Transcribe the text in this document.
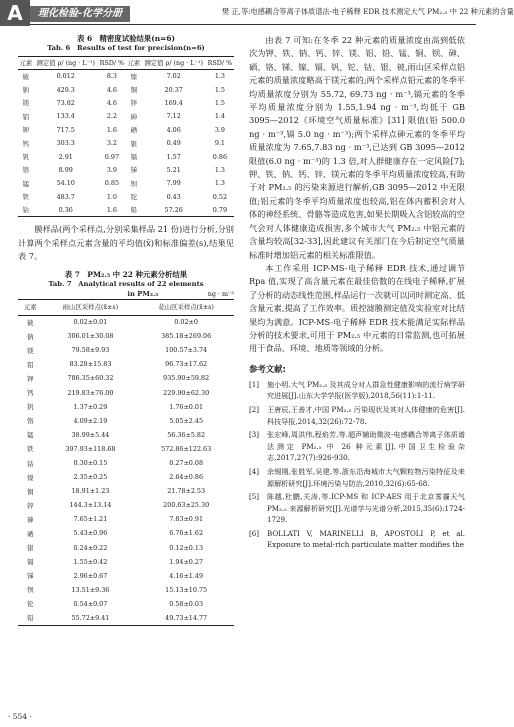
A	理化检验-化学分册	樊 正,等:电感耦合等离子体质谱法-电子稀释 EDR 技术测定大气 PM₂.₅ 中 22 种元素的含量
表 6　精密度试验结果(n=6)
Tab. 6　Results of test for precision(n=6)
元素	测定值 ρ/ (ng · L⁻¹)	RSD/ %	元素	测定值 ρ/ (ng · L⁻¹)	RSD/ %
铍	0.012	8.3	镍	7.02	1.3
钠	429.3	4.6	铜	20.37	1.5
镁	73.82	4.6	锌	169.4	1.5
铝	133.4	2.2	砷	7.12	1.4
钾	717.5	1.6	硒	4.06	3.9
钙	303.3	3.2	银	0.49	9.1
钒	2.91	0.97	镉	1.57	0.86
铬	8.99	3.9	锑	5.21	1.3
锰	54.10	0.85	钡	7.99	1.3
铁	483.7	1.0	铊	0.43	0.52
钴	0.36	1.6	铅	57.26	0.79
膜样品(两个采样点,分别采集样品 21 份)进行分析,分别计算两个采样点元素含量的平均值(x̄)和标准偏差(s),结果见表 7。
表 7　PM₂.₅ 中 22 种元素分析结果
Tab. 7　Analytical results of 22 elements
in PM₂.₅	ng · m⁻³
元素	雨山区采样点(x̄±s)	花山区采样点(x̄±s)
铍	0.02±0.01	0.02±0
钠	306.01±30.08	385.18±269.06
镁	79.58±9.93	100.57±3.74
铝	83.28±15.83	96.73±17.62
钾	786.35±60.32	935.90±59.82
钙	219.83±76.00	229.90±62.30
钒	1.37±0.29	1.76±0.01
铬	4.09±2.19	5.05±2.45
锰	38.99±5.44	56.36±5.82
铁	397.93±118.68	572.86±122.63
钴	0.30±0.15	0.27±0.08
镍	2.35±0.25	2.64±0.86
铜	18.91±1.23	21.78±2.53
锌	144.3±13.14	200.63±25.30
砷	7.65±1.21	7.83±0.91
硒	5.43±0.96	6.76±1.62
银	0.24±0.22	0.12±0.13
镉	1.55±0.42	1.94±0.27
锑	2.96±0.67	4.16±1.49
钡	13.51±9.36	15.13±10.75
铊	0.54±0.07	0.58±0.03
铅	55.72±9.41	49.73±14.77
由表 7 可知:在冬季 22 种元素的质量浓度由高到低依次为钾、铁、钠、钙、锌、镁、铝、铅、锰、铜、钡、砷、硒、铬、锑、镍、镉、钒、铊、钴、银、铍,雨山区采样点铝元素的质量浓度略高于镁元素的;两个采样点铅元素的冬季平均质量浓度分别为 55.72, 69.73 ng · m⁻³,镉元素的冬季平均质量浓度分别为 1.55,1.94 ng · m⁻³,均低于 GB 3095—2012《环境空气质量标准》[31] 限值(铅 500.0 ng · m⁻³,镉 5.0 ng · m⁻³);两个采样点砷元素的冬季平均质量浓度为 7.65,7.83 ng · m⁻³,已达到 GB 3095—2012 限值(6.0 ng · m⁻³)的 1.3 倍,对人群健康存在一定风险[7];钾、铁、钠、钙、锌、镁元素的冬季平均质量浓度较高,有助于对 PM₂.₅ 的污染来源进行解析,GB 3095—2012 中无限值;铝元素的冬季平均质量浓度也较高,铝在体内蓄积会对人体的神经系统、骨骼等造成危害,如果长期吸入含铝较高的空气会对人体健康造成损害,多个城市大气 PM₂.₅ 中铝元素的含量均较高[32-33],因此建议有关部门在今后制定空气质量标准时增加铝元素的相关标准限值。
本工作采用 ICP-MS-电子稀释 EDR 技术,通过调节 Rpa 值,实现了高含量元素在最佳倍数的在线电子稀释,扩展了分析的动态线性范围,样品运行一次就可以同时测定高、低含量元素,提高了工作效率。质控滤膜测定值及实验室对比结果均为满意。ICP-MS-电子稀释 EDR 技术能满足实际样品分析的技术要求,可用于 PM₂.₅ 中元素的日常监测,也可拓展用于食品、环境、地质等领域的分析。
参考文献:
[1]	施小明.大气 PM₂.₅ 及其成分对人群急性健康影响的流行病学研究进展[J].山东大学学报(医学版),2018,56(11):1-11.
[2]	王唐辰,王善才,中国 PM₂.₅ 污染现状及其对人体健康的危害[J].科技导报,2014,32(26):72-78.
[3]	张宏峰,周洪伟,程焰芳,等.超声辅助微波-电感耦合等离子体质谱法测定 PM₂.₅ 中 26 种元素[J].中国卫生检验杂志,2017,27(7):926-930.
[4]	余锡刚,张胜军,吴建,等.浙东沿海城市大气颗粒物污染特征及来源解析研究[J].环境污染与防治,2010,32(6):65-68.
[5]	陈越,杜鹏,关涛,等.ICP-MS 和 ICP-AES 用于北京雾霾天气 PM₂.₅ 来源解析研究[J].光谱学与光谱分析,2015,35(6):1724-1729.
[6]	BOLLATI V, MARINELLI B, APOSTOLI P, et al. Exposure to metal-rich particulate matter modifies the
· 554 ·
